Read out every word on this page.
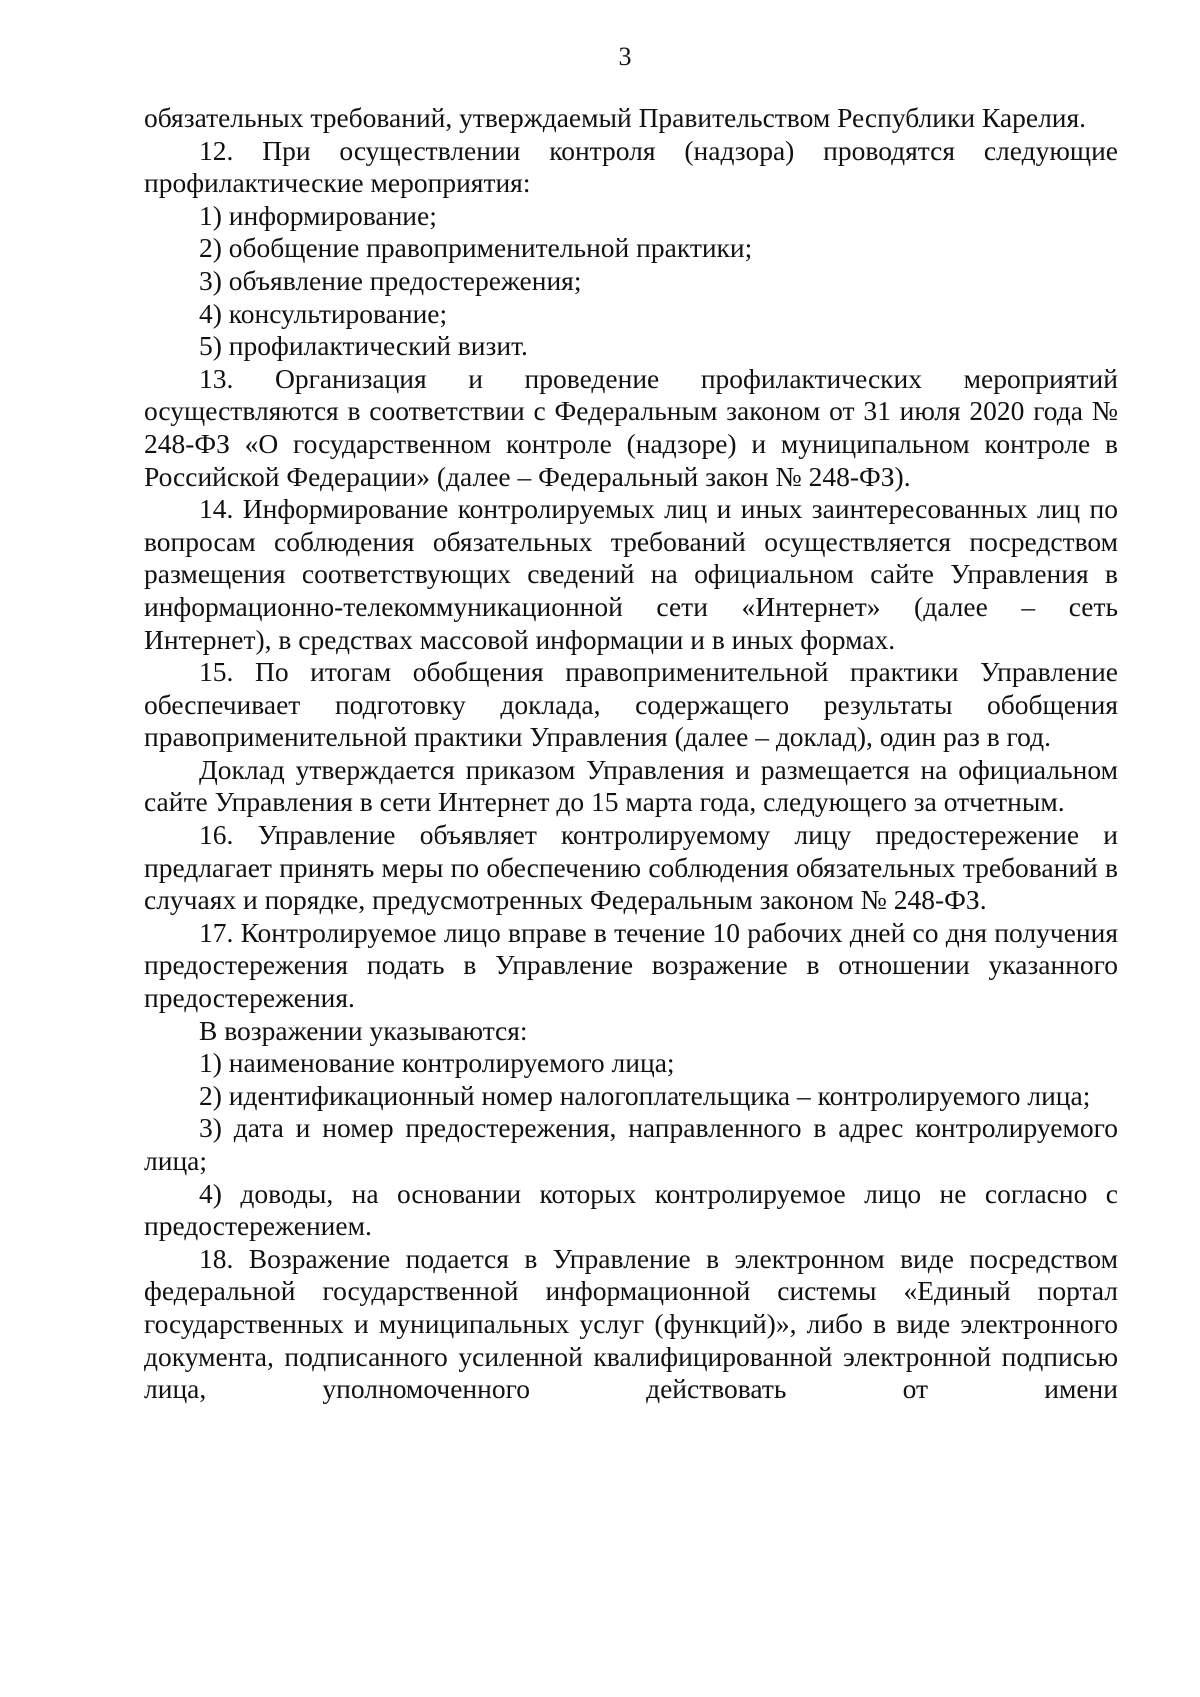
3

обязательных требований, утверждаемый Правительством Республики Карелия.

12. При осуществлении контроля (надзора) проводятся следующие профилактические мероприятия:

1) информирование;

2) обобщение правоприменительной практики;

3) объявление предостережения;

4) консультирование;

5) профилактический визит.

13. Организация и проведение профилактических мероприятий осуществляются в соответствии с Федеральным законом от 31 июля 2020 года № 248-ФЗ «О государственном контроле (надзоре) и муниципальном контроле в Российской Федерации» (далее – Федеральный закон № 248-ФЗ).

14. Информирование контролируемых лиц и иных заинтересованных лиц по вопросам соблюдения обязательных требований осуществляется посредством размещения соответствующих сведений на официальном сайте Управления в информационно-телекоммуникационной сети «Интернет» (далее – сеть Интернет), в средствах массовой информации и в иных формах.

15. По итогам обобщения правоприменительной практики Управление обеспечивает подготовку доклада, содержащего результаты обобщения правоприменительной практики Управления (далее – доклад), один раз в год.

Доклад утверждается приказом Управления и размещается на официальном сайте Управления в сети Интернет до 15 марта года, следующего за отчетным.

16. Управление объявляет контролируемому лицу предостережение и предлагает принять меры по обеспечению соблюдения обязательных требований в случаях и порядке, предусмотренных Федеральным законом № 248-ФЗ.

17. Контролируемое лицо вправе в течение 10 рабочих дней со дня получения предостережения подать в Управление возражение в отношении указанного предостережения.

В возражении указываются:

1) наименование контролируемого лица;

2) идентификационный номер налогоплательщика – контролируемого лица;

3) дата и номер предостережения, направленного в адрес контролируемого лица;

4) доводы, на основании которых контролируемое лицо не согласно с предостережением.

18. Возражение подается в Управление в электронном виде посредством федеральной государственной информационной системы «Единый портал государственных и муниципальных услуг (функций)», либо в виде электронного документа, подписанного усиленной квалифицированной электронной подписью лица, уполномоченного действовать от имени
